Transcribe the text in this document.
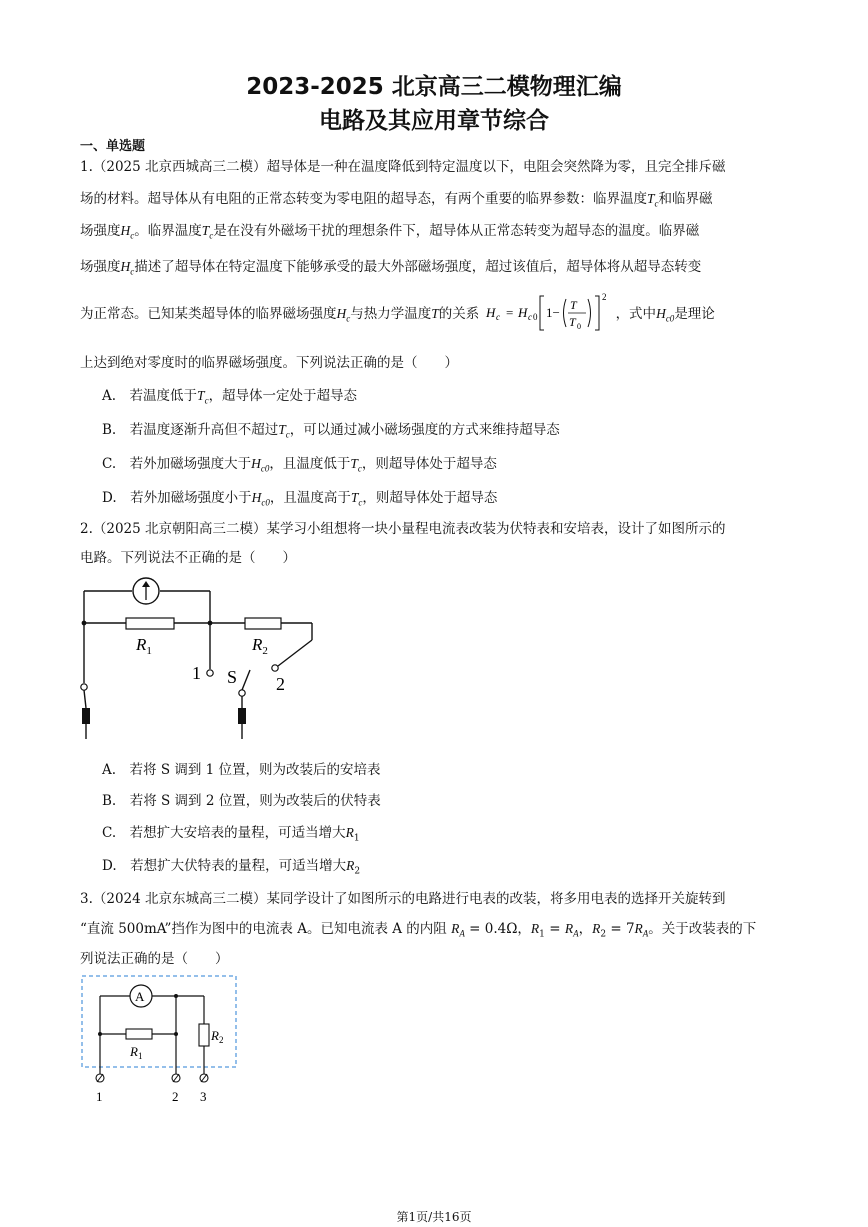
2023-2025 北京高三二模物理汇编
电路及其应用章节综合
一、单选题
1.（2025 北京西城高三二模）超导体是一种在温度降低到特定温度以下，电阻会突然降为零，且完全排斥磁
场的材料。超导体从有电阻的正常态转变为零电阻的超导态，有两个重要的临界参数：临界温度$T_c$和临界磁
场强度$H_c$。临界温度$T_c$是在没有外磁场干扰的理想条件下，超导体从正常态转变为超导态的温度。临界磁
场强度$H_c$描述了超导体在特定温度下能够承受的最大外部磁场强度，超过该值后，超导体将从超导态转变
为正常态。已知某类超导体的临界磁场强度$H_c$与热力学温度T的关系 H c = H c 0 1− T
T 0
2
，式中$H_{c0}$是理论
上达到绝对零度时的临界磁场强度。下列说法正确的是（　　）
A.　若温度低于$T_c$，超导体一定处于超导态
B.　若温度逐渐升高但不超过$T_c$，可以通过减小磁场强度的方式来维持超导态
C.　若外加磁场强度大于$H_{c0}$，且温度低于$T_c$，则超导体处于超导态
D.　若外加磁场强度小于$H_{c0}$，且温度高于$T_c$，则超导体处于超导态
2.（2025 北京朝阳高三二模）某学习小组想将一块小量程电流表改装为伏特表和安培表，设计了如图所示的
电路。下列说法不正确的是（　　）
$R_1$	$R_2$
1 S 2
A.　若将 S 调到 1 位置，则为改装后的安培表
B.　若将 S 调到 2 位置，则为改装后的伏特表
C.　若想扩大安培表的量程，可适当增大$R_1$
D.　若想扩大伏特表的量程，可适当增大$R_2$
3.（2024 北京东城高三二模）某同学设计了如图所示的电路进行电表的改装，将多用电表的选择开关旋转到
“直流 500mA”挡作为图中的电流表 A。已知电流表 A 的内阻 $R_A = 0.4\Omega$，$R_1 = R_A$，$R_2 = 7R_A$。关于改装表的下
列说法正确的是（　　）
A
$R_1$
$R_2$
1	2 3
第1页/共16页
